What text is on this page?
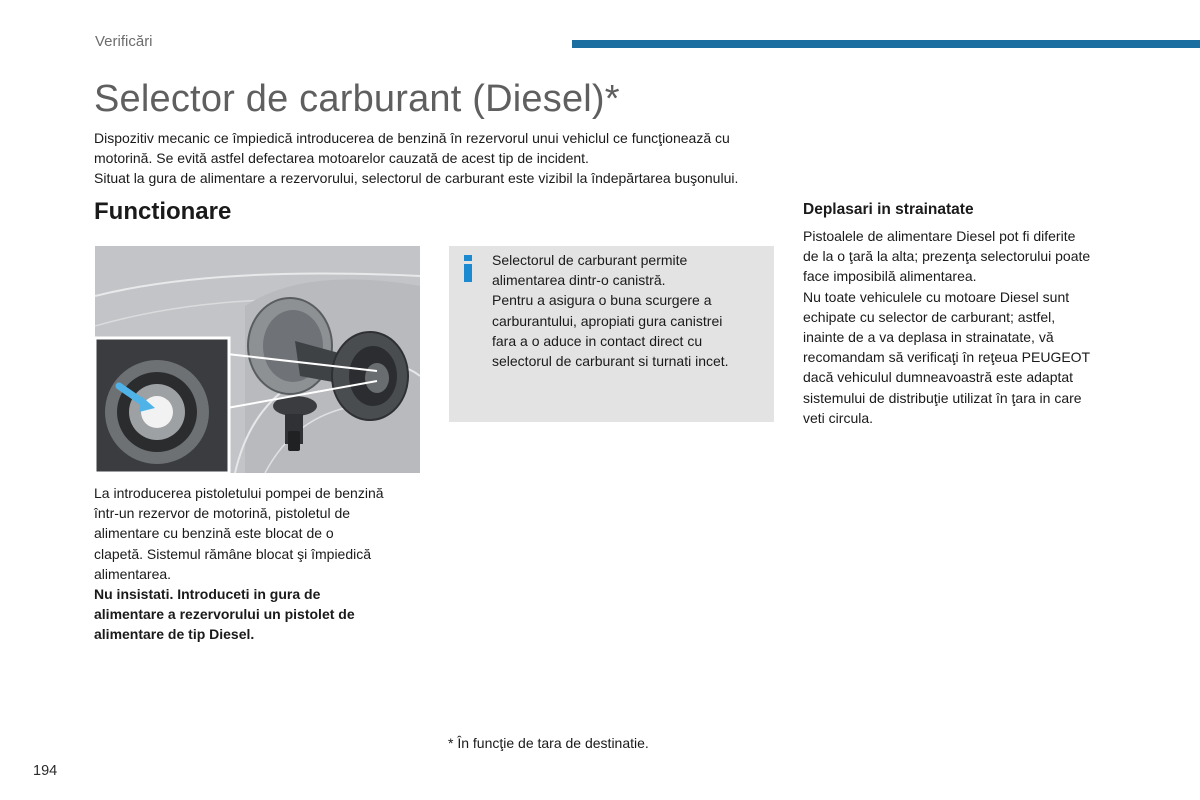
Verificări
Selector de carburant (Diesel)*

Dispozitiv mecanic ce împiedică introducerea de benzină în rezervorul unui vehiclul ce funcţionează cu

motorină. Se evită astfel defectarea motoarelor cauzată de acest tip de incident.

Situat la gura de alimentare a rezervorului, selectorul de carburant este vizibil la îndepărtarea buşonului.

Functionare

La introducerea pistoletului pompei de benzină

într-un rezervor de motorină, pistoletul de

alimentare cu benzină este blocat de o

clapetă. Sistemul rămâne blocat şi împiedică

alimentarea.

Nu insistati. Introduceti in gura de

alimentare a rezervorului un pistolet de

alimentare de tip Diesel.

Selectorul de carburant permite

alimentarea dintr-o canistră.

Pentru a asigura o buna scurgere a

carburantului, apropiati gura canistrei

fara a o aduce in contact direct cu

selectorul de carburant si turnati incet.

Deplasari in strainatate

Pistoalele de alimentare Diesel pot fi diferite

de la o ţară la alta; prezenţa selectorului poate

face imposibilă alimentarea.

Nu toate vehiculele cu motoare Diesel sunt

echipate cu selector de carburant; astfel,

inainte de a va deplasa in strainatate, vă

recomandam să verificaţi în reţeua PEUGEOT

dacă vehiculul dumneavoastră este adaptat

sistemului de distribuţie utilizat în ţara in care

veti circula.

* În funcţie de tara de destinatie.
194
